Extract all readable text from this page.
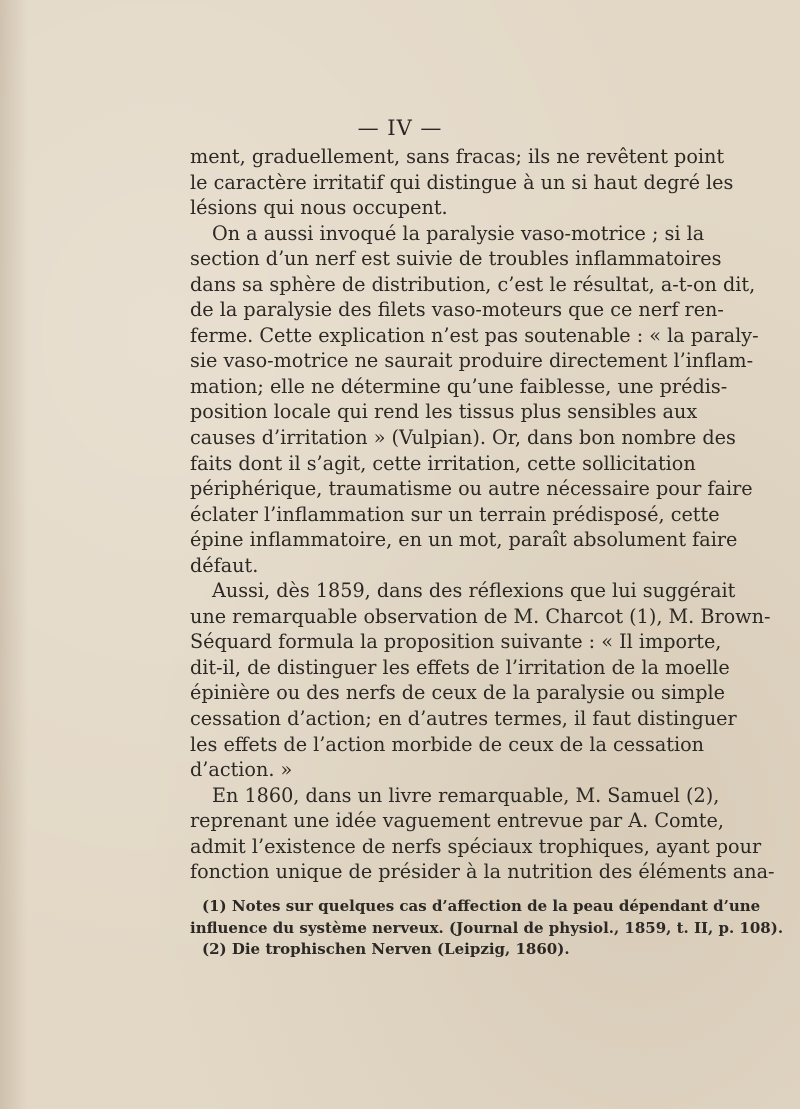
— IV —
ment, graduellement, sans fracas; ils ne revêtent point
le caractère irritatif qui distingue à un si haut degré les
lésions qui nous occupent.
On a aussi invoqué la paralysie vaso-motrice ; si la
section d’un nerf est suivie de troubles inflammatoires
dans sa sphère de distribution, c’est le résultat, a-t-on dit,
de la paralysie des filets vaso-moteurs que ce nerf ren-
ferme. Cette explication n’est pas soutenable : « la paraly-
sie vaso-motrice ne saurait produire directement l’inflam-
mation; elle ne détermine qu’une faiblesse, une prédis-
position locale qui rend les tissus plus sensibles aux
causes d’irritation » (Vulpian). Or, dans bon nombre des
faits dont il s’agit, cette irritation, cette sollicitation
périphérique, traumatisme ou autre nécessaire pour faire
éclater l’inflammation sur un terrain prédisposé, cette
épine inflammatoire, en un mot, paraît absolument faire
défaut.
Aussi, dès 1859, dans des réflexions que lui suggérait
une remarquable observation de M. Charcot (1), M. Brown-
Séquard formula la proposition suivante : « Il importe,
dit-il, de distinguer les effets de l’irritation de la moelle
épinière ou des nerfs de ceux de la paralysie ou simple
cessation d’action; en d’autres termes, il faut distinguer
les effets de l’action morbide de ceux de la cessation
d’action. »
En 1860, dans un livre remarquable, M. Samuel (2),
reprenant une idée vaguement entrevue par A. Comte,
admit l’existence de nerfs spéciaux trophiques, ayant pour
fonction unique de présider à la nutrition des éléments ana-
(1) Notes sur quelques cas d’affection de la peau dépendant d’une
influence du système nerveux. (Journal de physiol., 1859, t. II, p. 108).
(2) Die trophischen Nerven (Leipzig, 1860).
